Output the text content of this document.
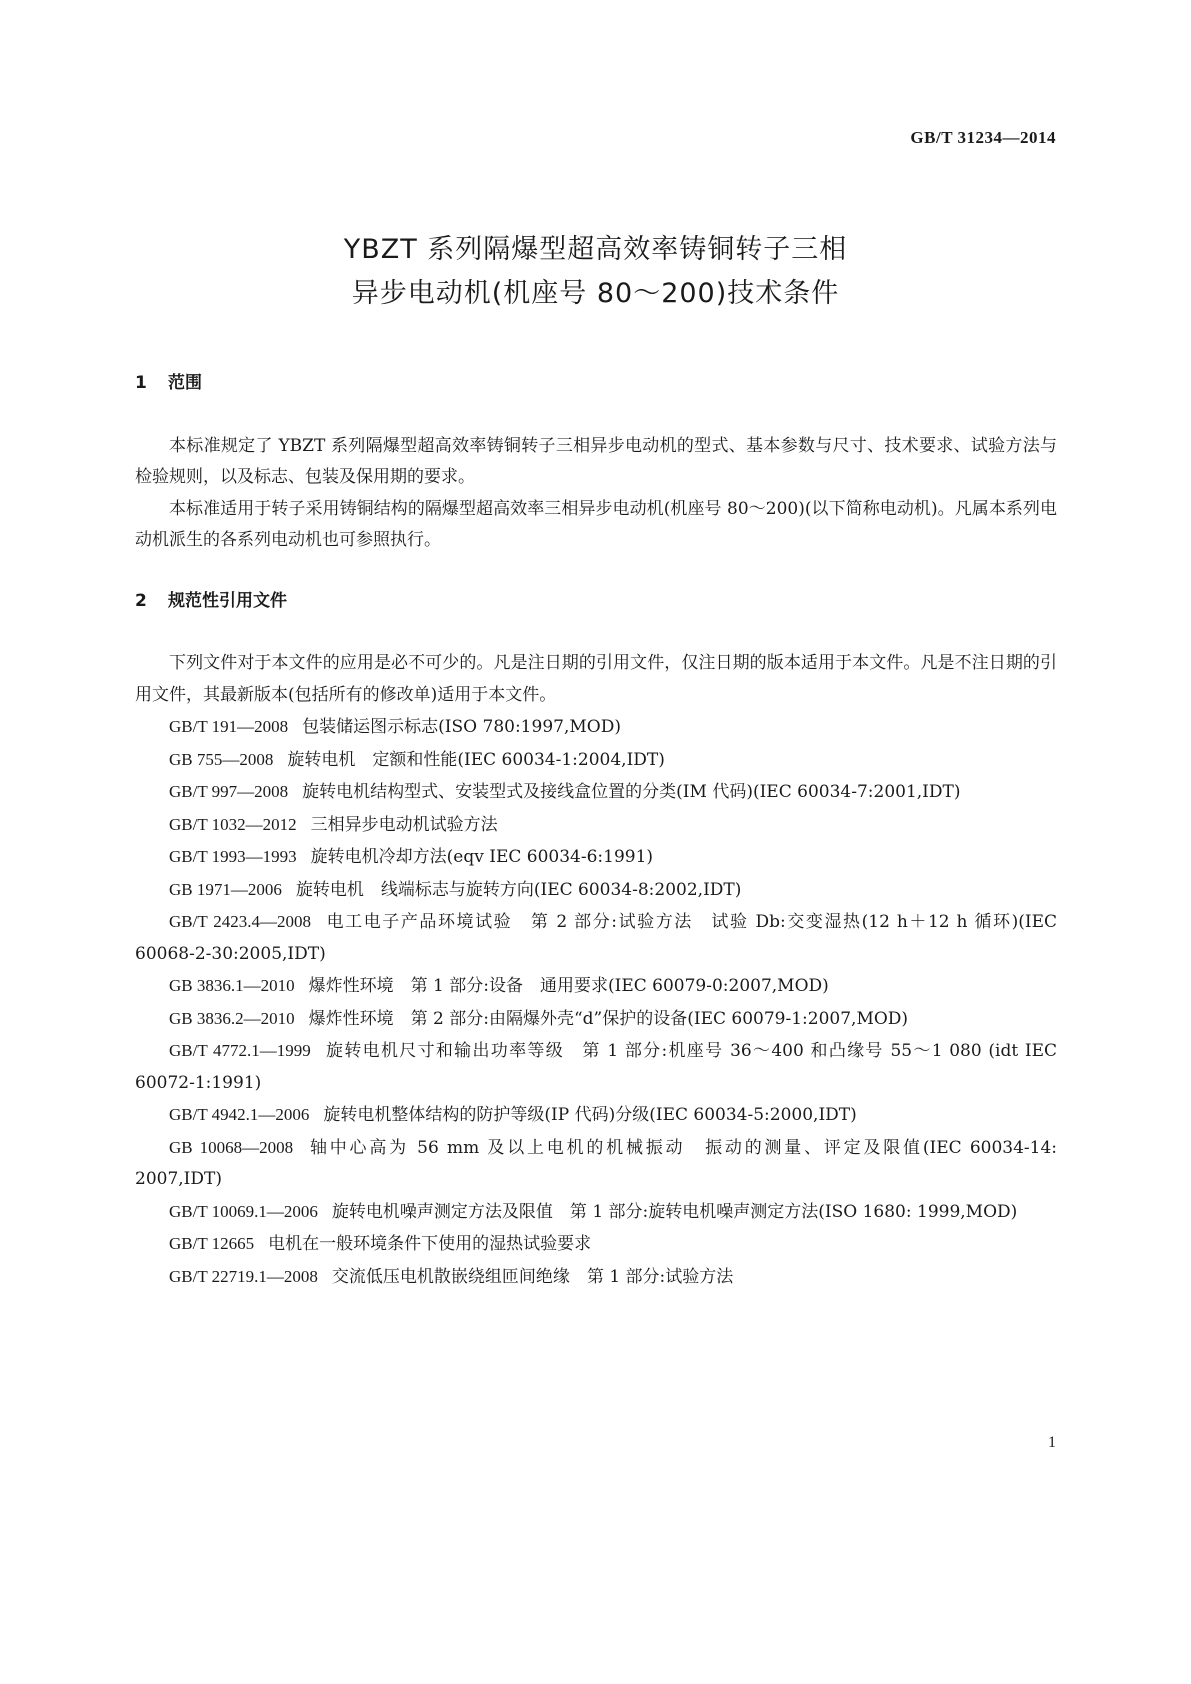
GB/T 31234—2014
YBZT 系列隔爆型超高效率铸铜转子三相
异步电动机(机座号 80～200)技术条件
1 范围

本标准规定了 YBZT 系列隔爆型超高效率铸铜转子三相异步电动机的型式、基本参数与尺寸、技术要求、试验方法与检验规则，以及标志、包装及保用期的要求。

本标准适用于转子采用铸铜结构的隔爆型超高效率三相异步电动机(机座号 80～200)(以下简称电动机)。凡属本系列电动机派生的各系列电动机也可参照执行。

2 规范性引用文件

下列文件对于本文件的应用是必不可少的。凡是注日期的引用文件，仅注日期的版本适用于本文件。凡是不注日期的引用文件，其最新版本(包括所有的修改单)适用于本文件。

GB/T 191—2008 包装储运图示标志(ISO 780:1997,MOD)
GB 755—2008 旋转电机　定额和性能(IEC 60034-1:2004,IDT)
GB/T 997—2008 旋转电机结构型式、安装型式及接线盒位置的分类(IM 代码)(IEC 60034-7:2001,IDT)
GB/T 1032—2012 三相异步电动机试验方法
GB/T 1993—1993 旋转电机冷却方法(eqv IEC 60034-6:1991)
GB 1971—2006 旋转电机　线端标志与旋转方向(IEC 60034-8:2002,IDT)
GB/T 2423.4—2008 电工电子产品环境试验　第 2 部分:试验方法　试验 Db:交变湿热(12 h＋12 h 循环)(IEC 60068-2-30:2005,IDT)
GB 3836.1—2010 爆炸性环境　第 1 部分:设备　通用要求(IEC 60079-0:2007,MOD)
GB 3836.2—2010 爆炸性环境　第 2 部分:由隔爆外壳“d”保护的设备(IEC 60079-1:2007,MOD)
GB/T 4772.1—1999 旋转电机尺寸和输出功率等级　第 1 部分:机座号 36～400 和凸缘号 55～1 080 (idt IEC 60072-1:1991)
GB/T 4942.1—2006 旋转电机整体结构的防护等级(IP 代码)分级(IEC 60034-5:2000,IDT)
GB 10068—2008 轴中心高为 56 mm 及以上电机的机械振动　振动的测量、评定及限值(IEC 60034-14: 2007,IDT)
GB/T 10069.1—2006 旋转电机噪声测定方法及限值　第 1 部分:旋转电机噪声测定方法(ISO 1680: 1999,MOD)
GB/T 12665 电机在一般环境条件下使用的湿热试验要求
GB/T 22719.1—2008 交流低压电机散嵌绕组匝间绝缘　第 1 部分:试验方法
1
